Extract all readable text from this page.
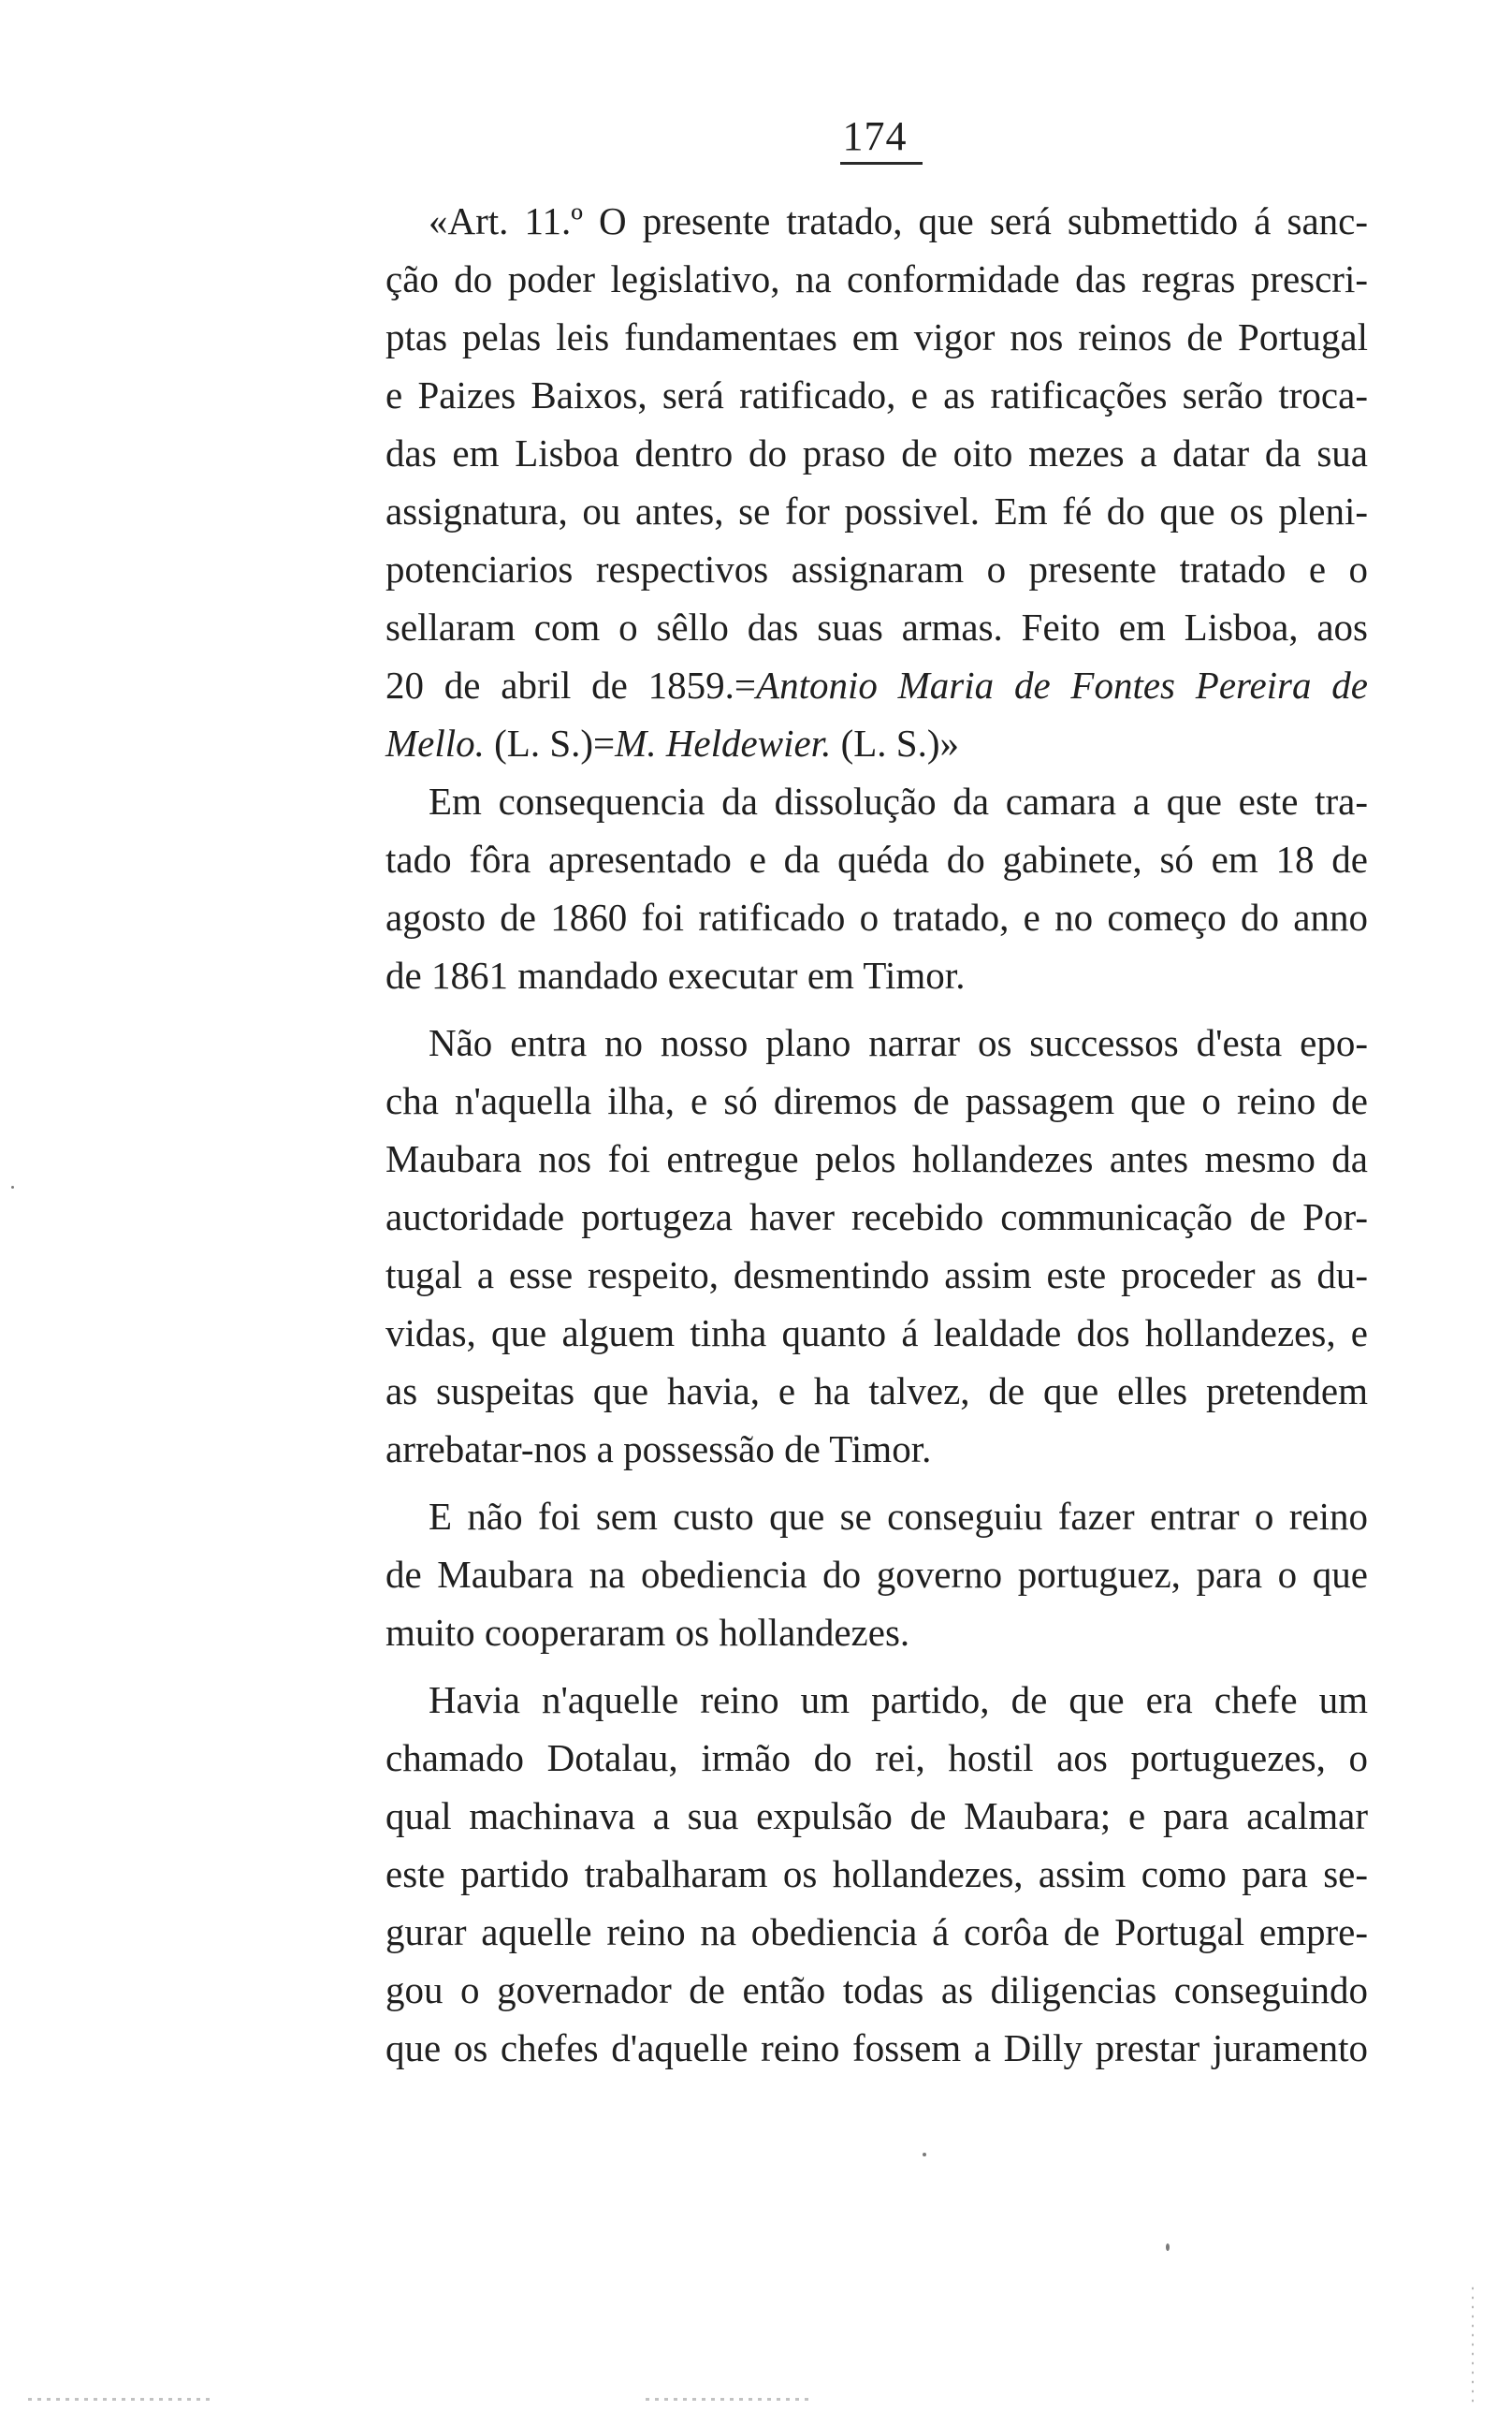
174
«Art. 11.º O presente tratado, que será submettido á sanc-
ção do poder legislativo, na conformidade das regras prescri-
ptas pelas leis fundamentaes em vigor nos reinos de Portugal
e Paizes Baixos, será ratificado, e as ratificações serão troca-
das em Lisboa dentro do praso de oito mezes a datar da sua
assignatura, ou antes, se for possivel. Em fé do que os pleni-
potenciarios respectivos assignaram o presente tratado e o
sellaram com o sêllo das suas armas. Feito em Lisboa, aos
20 de abril de 1859.=Antonio Maria de Fontes Pereira de
Mello. (L. S.)=M. Heldewier. (L. S.)»
Em consequencia da dissolução da camara a que este tra-
tado fôra apresentado e da quéda do gabinete, só em 18 de
agosto de 1860 foi ratificado o tratado, e no começo do anno
de 1861 mandado executar em Timor.
Não entra no nosso plano narrar os successos d'esta epo-
cha n'aquella ilha, e só diremos de passagem que o reino de
Maubara nos foi entregue pelos hollandezes antes mesmo da
auctoridade portugeza haver recebido communicação de Por-
tugal a esse respeito, desmentindo assim este proceder as du-
vidas, que alguem tinha quanto á lealdade dos hollandezes, e
as suspeitas que havia, e ha talvez, de que elles pretendem
arrebatar-nos a possessão de Timor.
E não foi sem custo que se conseguiu fazer entrar o reino
de Maubara na obediencia do governo portuguez, para o que
muito cooperaram os hollandezes.
Havia n'aquelle reino um partido, de que era chefe um
chamado Dotalau, irmão do rei, hostil aos portuguezes, o
qual machinava a sua expulsão de Maubara; e para acalmar
este partido trabalharam os hollandezes, assim como para se-
gurar aquelle reino na obediencia á corôa de Portugal empre-
gou o governador de então todas as diligencias conseguindo
que os chefes d'aquelle reino fossem a Dilly prestar juramento
